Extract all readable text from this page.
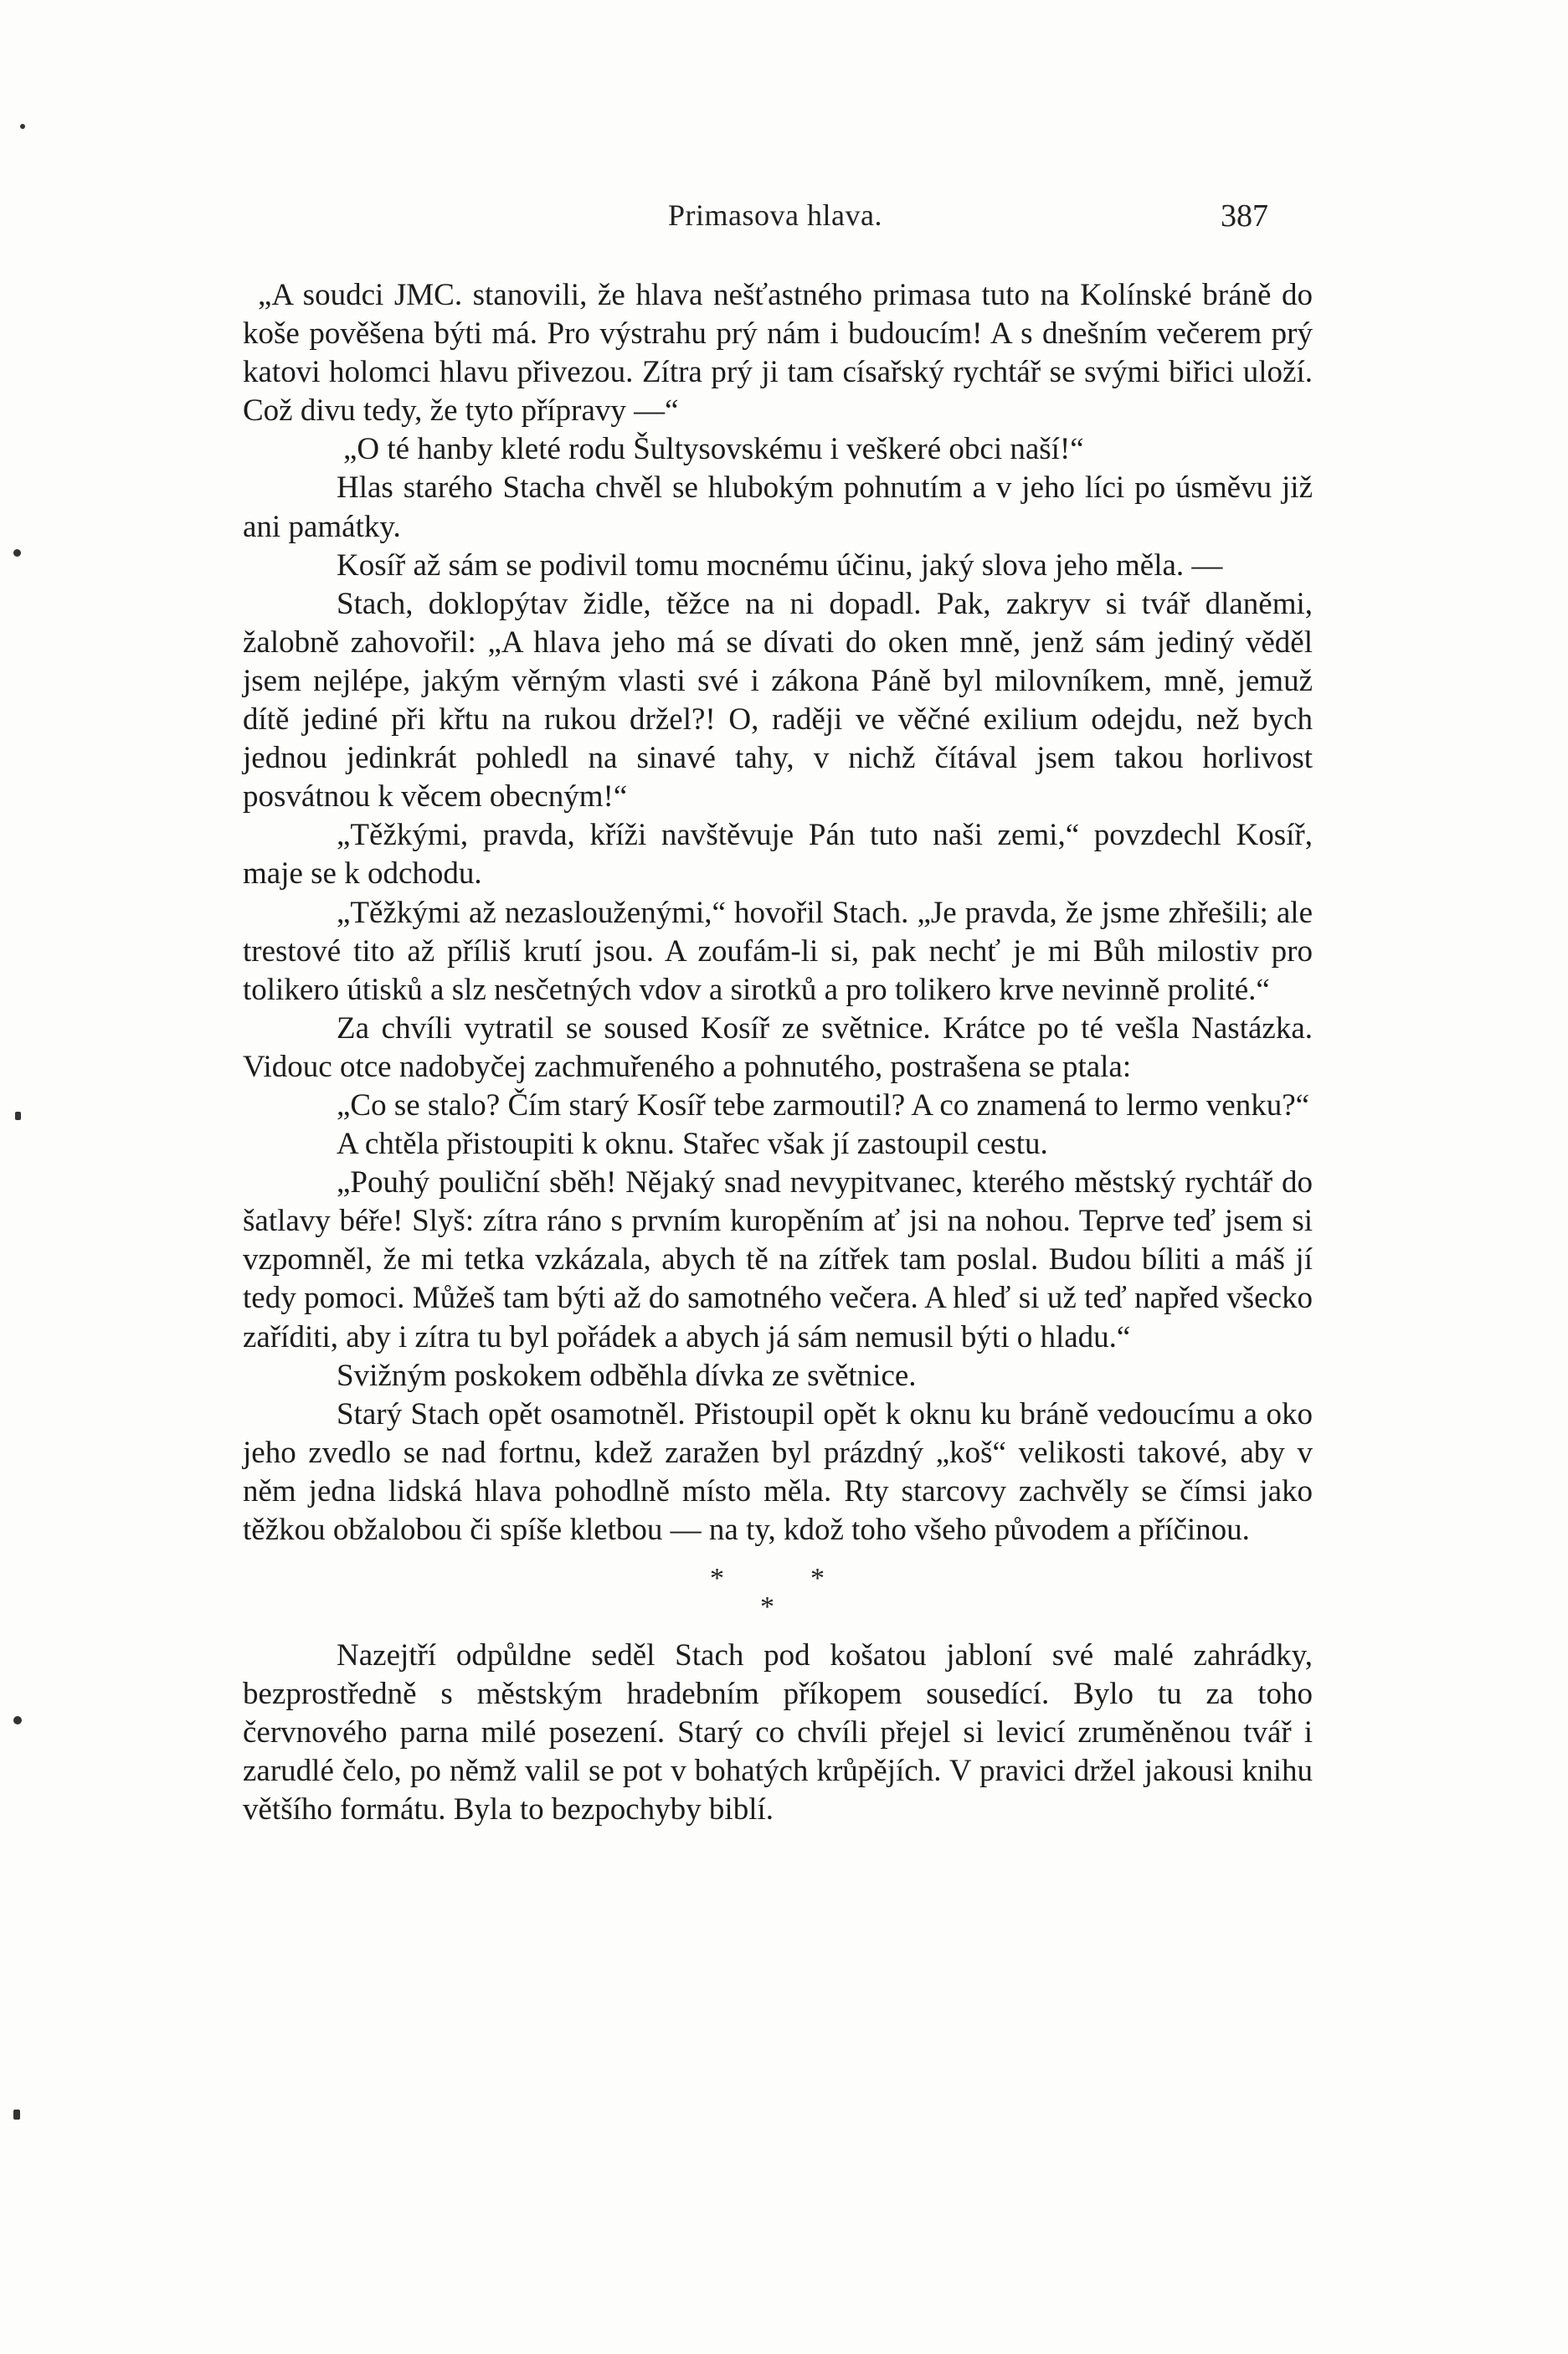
Primasova hlava.	387

„A soudci JMC. stanovili, že hlava nešťastného primasa tuto na Kolínské bráně do koše pověšena býti má. Pro výstrahu prý nám i budoucím! A s dnešním večerem prý katovi holomci hlavu přivezou. Zítra prý ji tam císařský rychtář se svými biřici uloží. Což divu tedy, že tyto přípravy —“

„O té hanby kleté rodu Šultysovskému i veškeré obci naší!“

Hlas starého Stacha chvěl se hlubokým pohnutím a v jeho líci po úsměvu již ani památky.

Kosíř až sám se podivil tomu mocnému účinu, jaký slova jeho měla. —

Stach, doklopýtav židle, těžce na ni dopadl. Pak, zakryv si tvář dlaněmi, žalobně zahovořil: „A hlava jeho má se dívati do oken mně, jenž sám jediný věděl jsem nejlépe, jakým věrným vlasti své i zákona Páně byl milovníkem, mně, jemuž dítě jediné při křtu na rukou držel?! O, raději ve věčné exilium odejdu, než bych jednou jedinkrát pohledl na sinavé tahy, v nichž čítával jsem takou horlivost posvátnou k věcem obecným!“

„Těžkými, pravda, kříži navštěvuje Pán tuto naši zemi,“ povzdechl Kosíř, maje se k odchodu.

„Těžkými až nezaslouženými,“ hovořil Stach. „Je pravda, že jsme zhřešili; ale trestové tito až příliš krutí jsou. A zoufám-li si, pak nechť je mi Bůh milostiv pro tolikero útisků a slz nesčetných vdov a sirotků a pro tolikero krve nevinně prolité.“

Za chvíli vytratil se soused Kosíř ze světnice. Krátce po té vešla Nastázka. Vidouc otce nadobyčej zachmuřeného a pohnutého, postrašena se ptala:

„Co se stalo? Čím starý Kosíř tebe zarmoutil? A co znamená to lermo venku?“

A chtěla přistoupiti k oknu. Stařec však jí zastoupil cestu.

„Pouhý pouliční sběh! Nějaký snad nevypitvanec, kterého městský rychtář do šatlavy béře! Slyš: zítra ráno s prvním kuropěním ať jsi na nohou. Teprve teď jsem si vzpomněl, že mi tetka vzkázala, abych tě na zítřek tam poslal. Budou bíliti a máš jí tedy pomoci. Můžeš tam býti až do samotného večera. A hleď si už teď napřed všecko zaříditi, aby i zítra tu byl pořádek a abych já sám nemusil býti o hladu.“

Svižným poskokem odběhla dívka ze světnice.

Starý Stach opět osamotněl. Přistoupil opět k oknu ku bráně vedoucímu a oko jeho zvedlo se nad fortnu, kdež zaražen byl prázdný „koš“ velikosti takové, aby v něm jedna lidská hlava pohodlně místo měla. Rty starcovy zachvěly se čímsi jako těžkou obžalobou či spíše kletbou — na ty, kdož toho všeho původem a příčinou.

*	*
*

Nazejtří odpůldne seděl Stach pod košatou jabloní své malé zahrádky, bezprostředně s městským hradebním příkopem sousedící. Bylo tu za toho červnového parna milé posezení. Starý co chvíli přejel si levicí zruměněnou tvář i zarudlé čelo, po němž valil se pot v bohatých krůpějích. V pravici držel jakousi knihu většího formátu. Byla to bezpochyby biblí.
